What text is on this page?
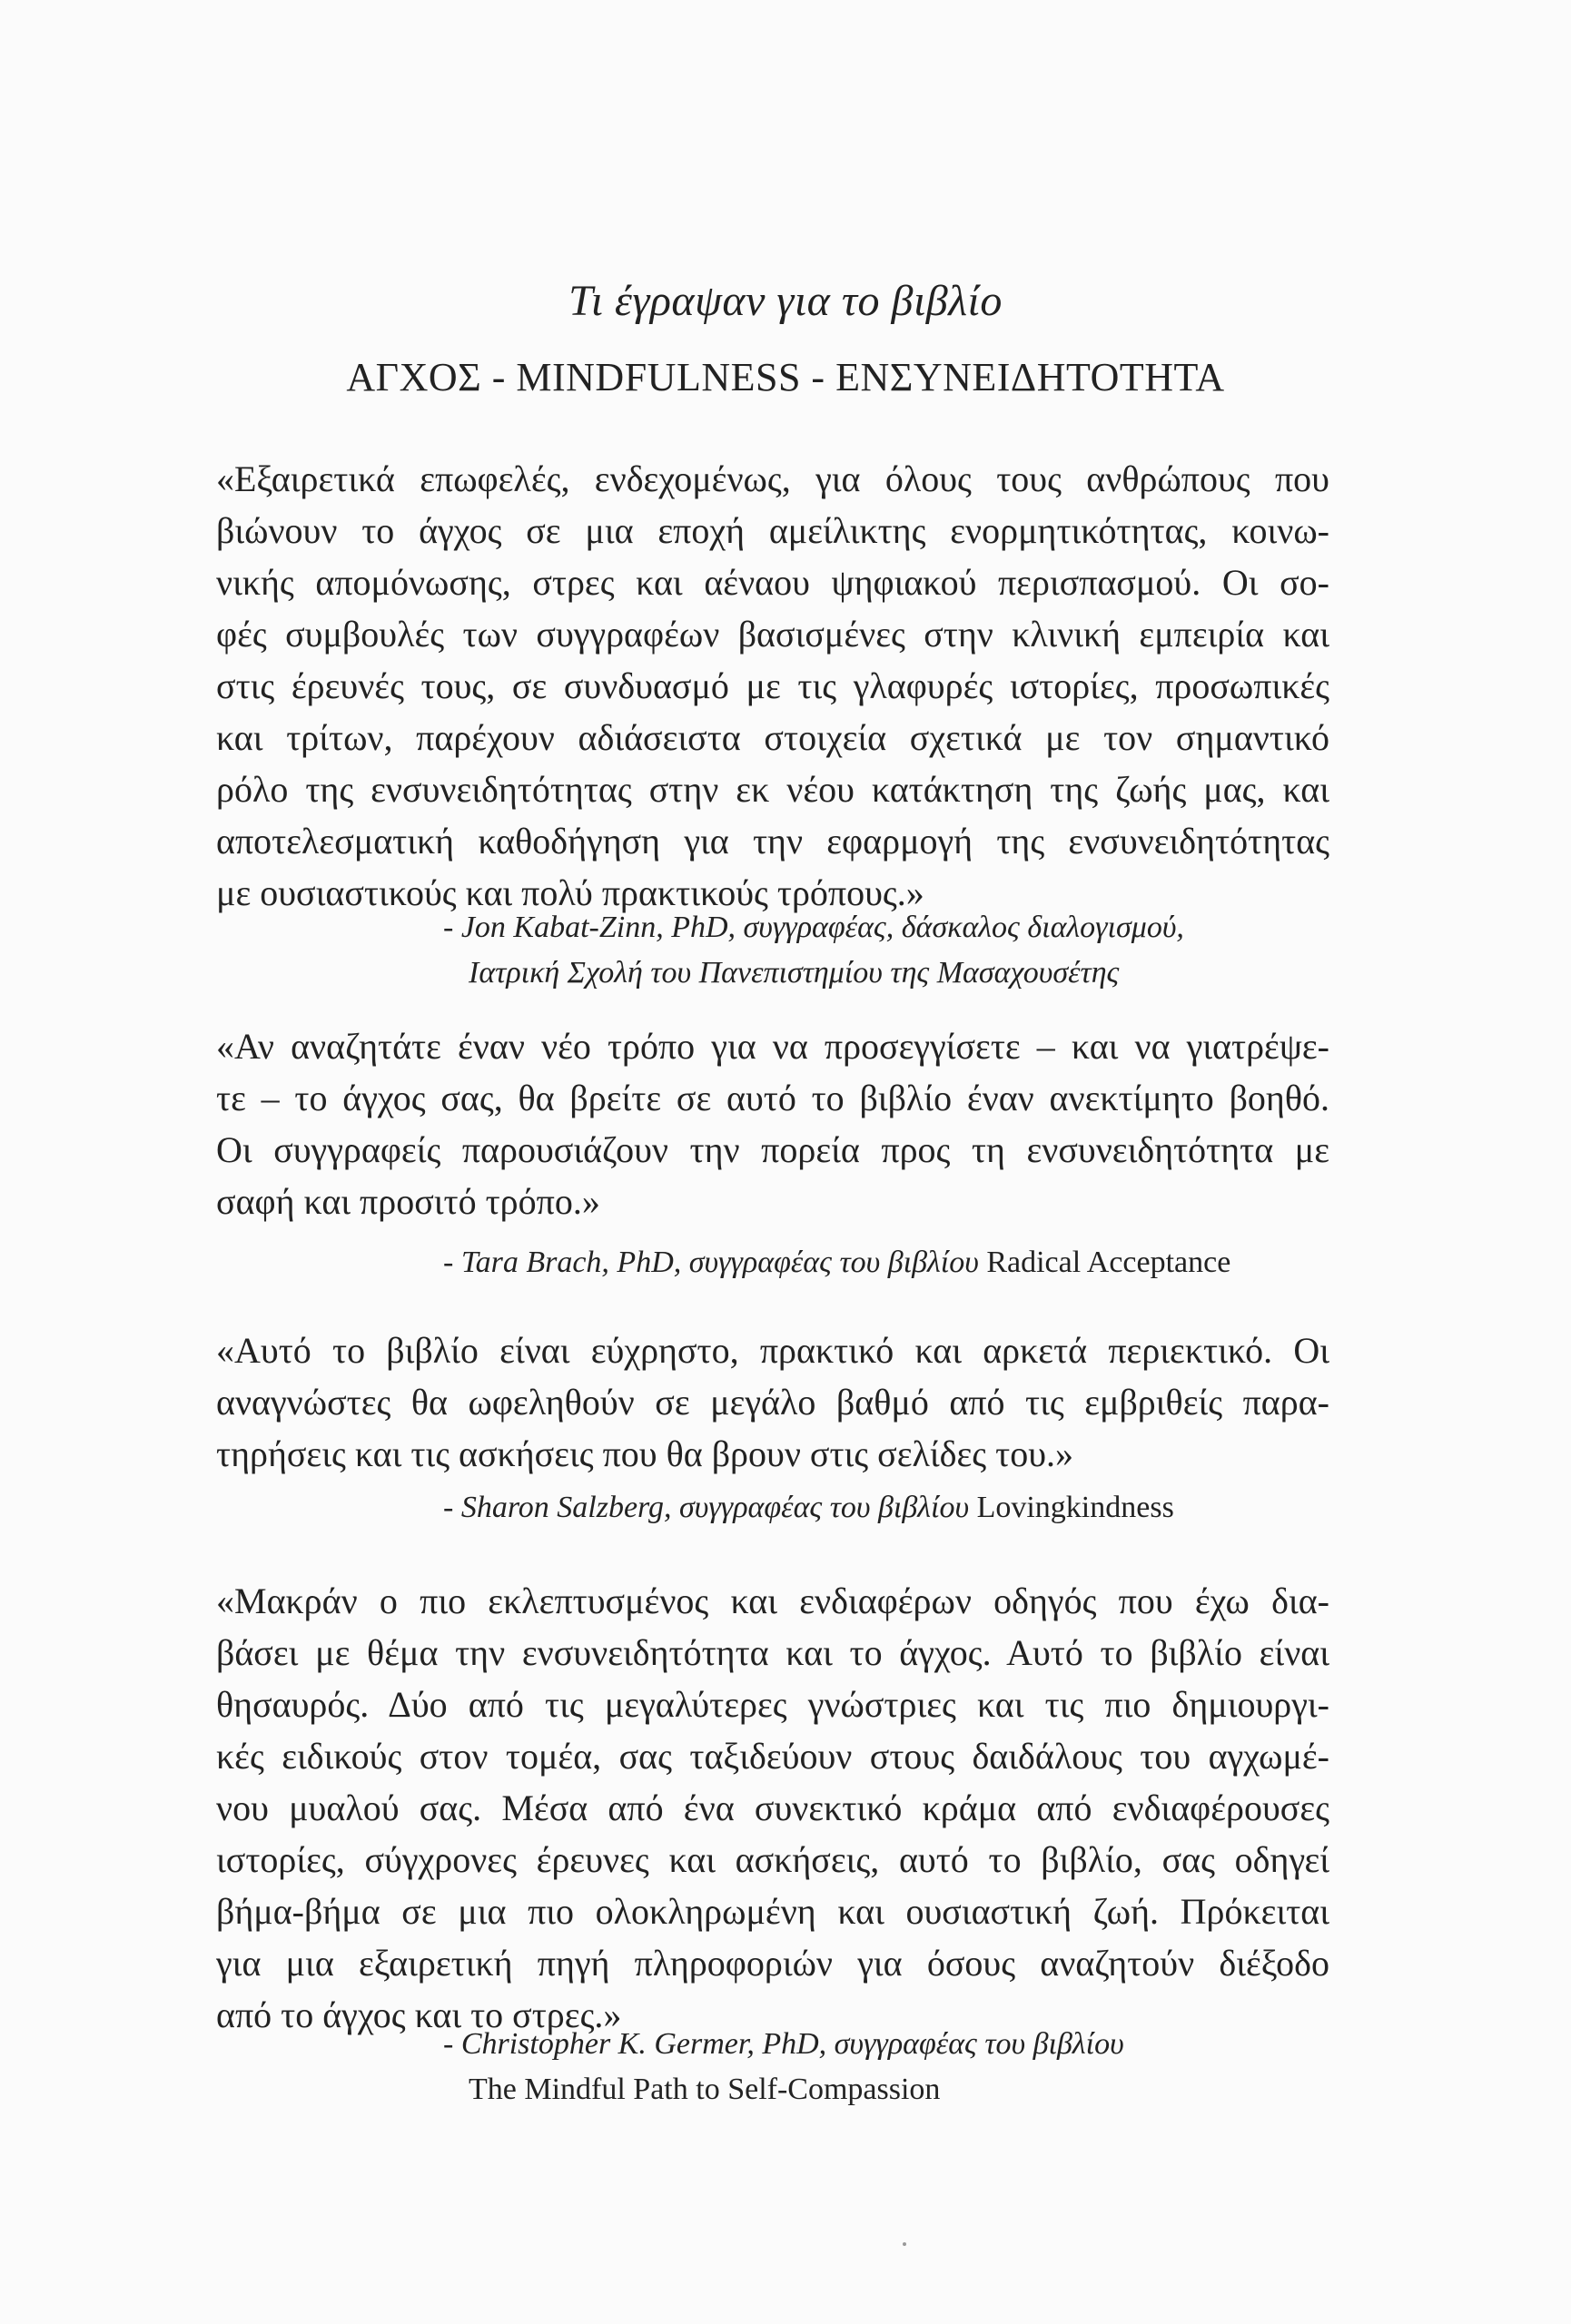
Τι έγραψαν για το βιβλίο
ΑΓΧΟΣ - MINDFULNESS - ΕΝΣΥΝΕΙΔΗΤΟΤΗΤΑ
«Εξαιρετικά επωφελές, ενδεχομένως, για όλους τους ανθρώπους που
βιώνουν το άγχος σε μια εποχή αμείλικτης ενορμητικότητας, κοινω-
νικής απομόνωσης, στρες και αέναου ψηφιακού περισπασμού. Οι σο-
φές συμβουλές των συγγραφέων βασισμένες στην κλινική εμπειρία και
στις έρευνές τους, σε συνδυασμό με τις γλαφυρές ιστορίες, προσωπικές
και τρίτων, παρέχουν αδιάσειστα στοιχεία σχετικά με τον σημαντικό
ρόλο της ενσυνειδητότητας στην εκ νέου κατάκτηση της ζωής μας, και
αποτελεσματική καθοδήγηση για την εφαρμογή της ενσυνειδητότητας
με ουσιαστικούς και πολύ πρακτικούς τρόπους.»
- Jon Kabat-Zinn, PhD, συγγραφέας, δάσκαλος διαλογισμού,
Ιατρική Σχολή του Πανεπιστημίου της Μασαχουσέτης
«Αν αναζητάτε έναν νέο τρόπο για να προσεγγίσετε – και να γιατρέψε-
τε – το άγχος σας, θα βρείτε σε αυτό το βιβλίο έναν ανεκτίμητο βοηθό.
Οι συγγραφείς παρουσιάζουν την πορεία προς τη ενσυνειδητότητα με
σαφή και προσιτό τρόπο.»
- Tara Brach, PhD, συγγραφέας του βιβλίου Radical Acceptance
«Αυτό το βιβλίο είναι εύχρηστο, πρακτικό και αρκετά περιεκτικό. Οι
αναγνώστες θα ωφεληθούν σε μεγάλο βαθμό από τις εμβριθείς παρα-
τηρήσεις και τις ασκήσεις που θα βρουν στις σελίδες του.»
- Sharon Salzberg, συγγραφέας του βιβλίου Lovingkindness
«Μακράν ο πιο εκλεπτυσμένος και ενδιαφέρων οδηγός που έχω δια-
βάσει με θέμα την ενσυνειδητότητα και το άγχος. Αυτό το βιβλίο είναι
θησαυρός. Δύο από τις μεγαλύτερες γνώστριες και τις πιο δημιουργι-
κές ειδικούς στον τομέα, σας ταξιδεύουν στους δαιδάλους του αγχωμέ-
νου μυαλού σας. Μέσα από ένα συνεκτικό κράμα από ενδιαφέρουσες
ιστορίες, σύγχρονες έρευνες και ασκήσεις, αυτό το βιβλίο, σας οδηγεί
βήμα-βήμα σε μια πιο ολοκληρωμένη και ουσιαστική ζωή. Πρόκειται
για μια εξαιρετική πηγή πληροφοριών για όσους αναζητούν διέξοδο
από το άγχος και το στρες.»
- Christopher K. Germer, PhD, συγγραφέας του βιβλίου
The Mindful Path to Self-Compassion
